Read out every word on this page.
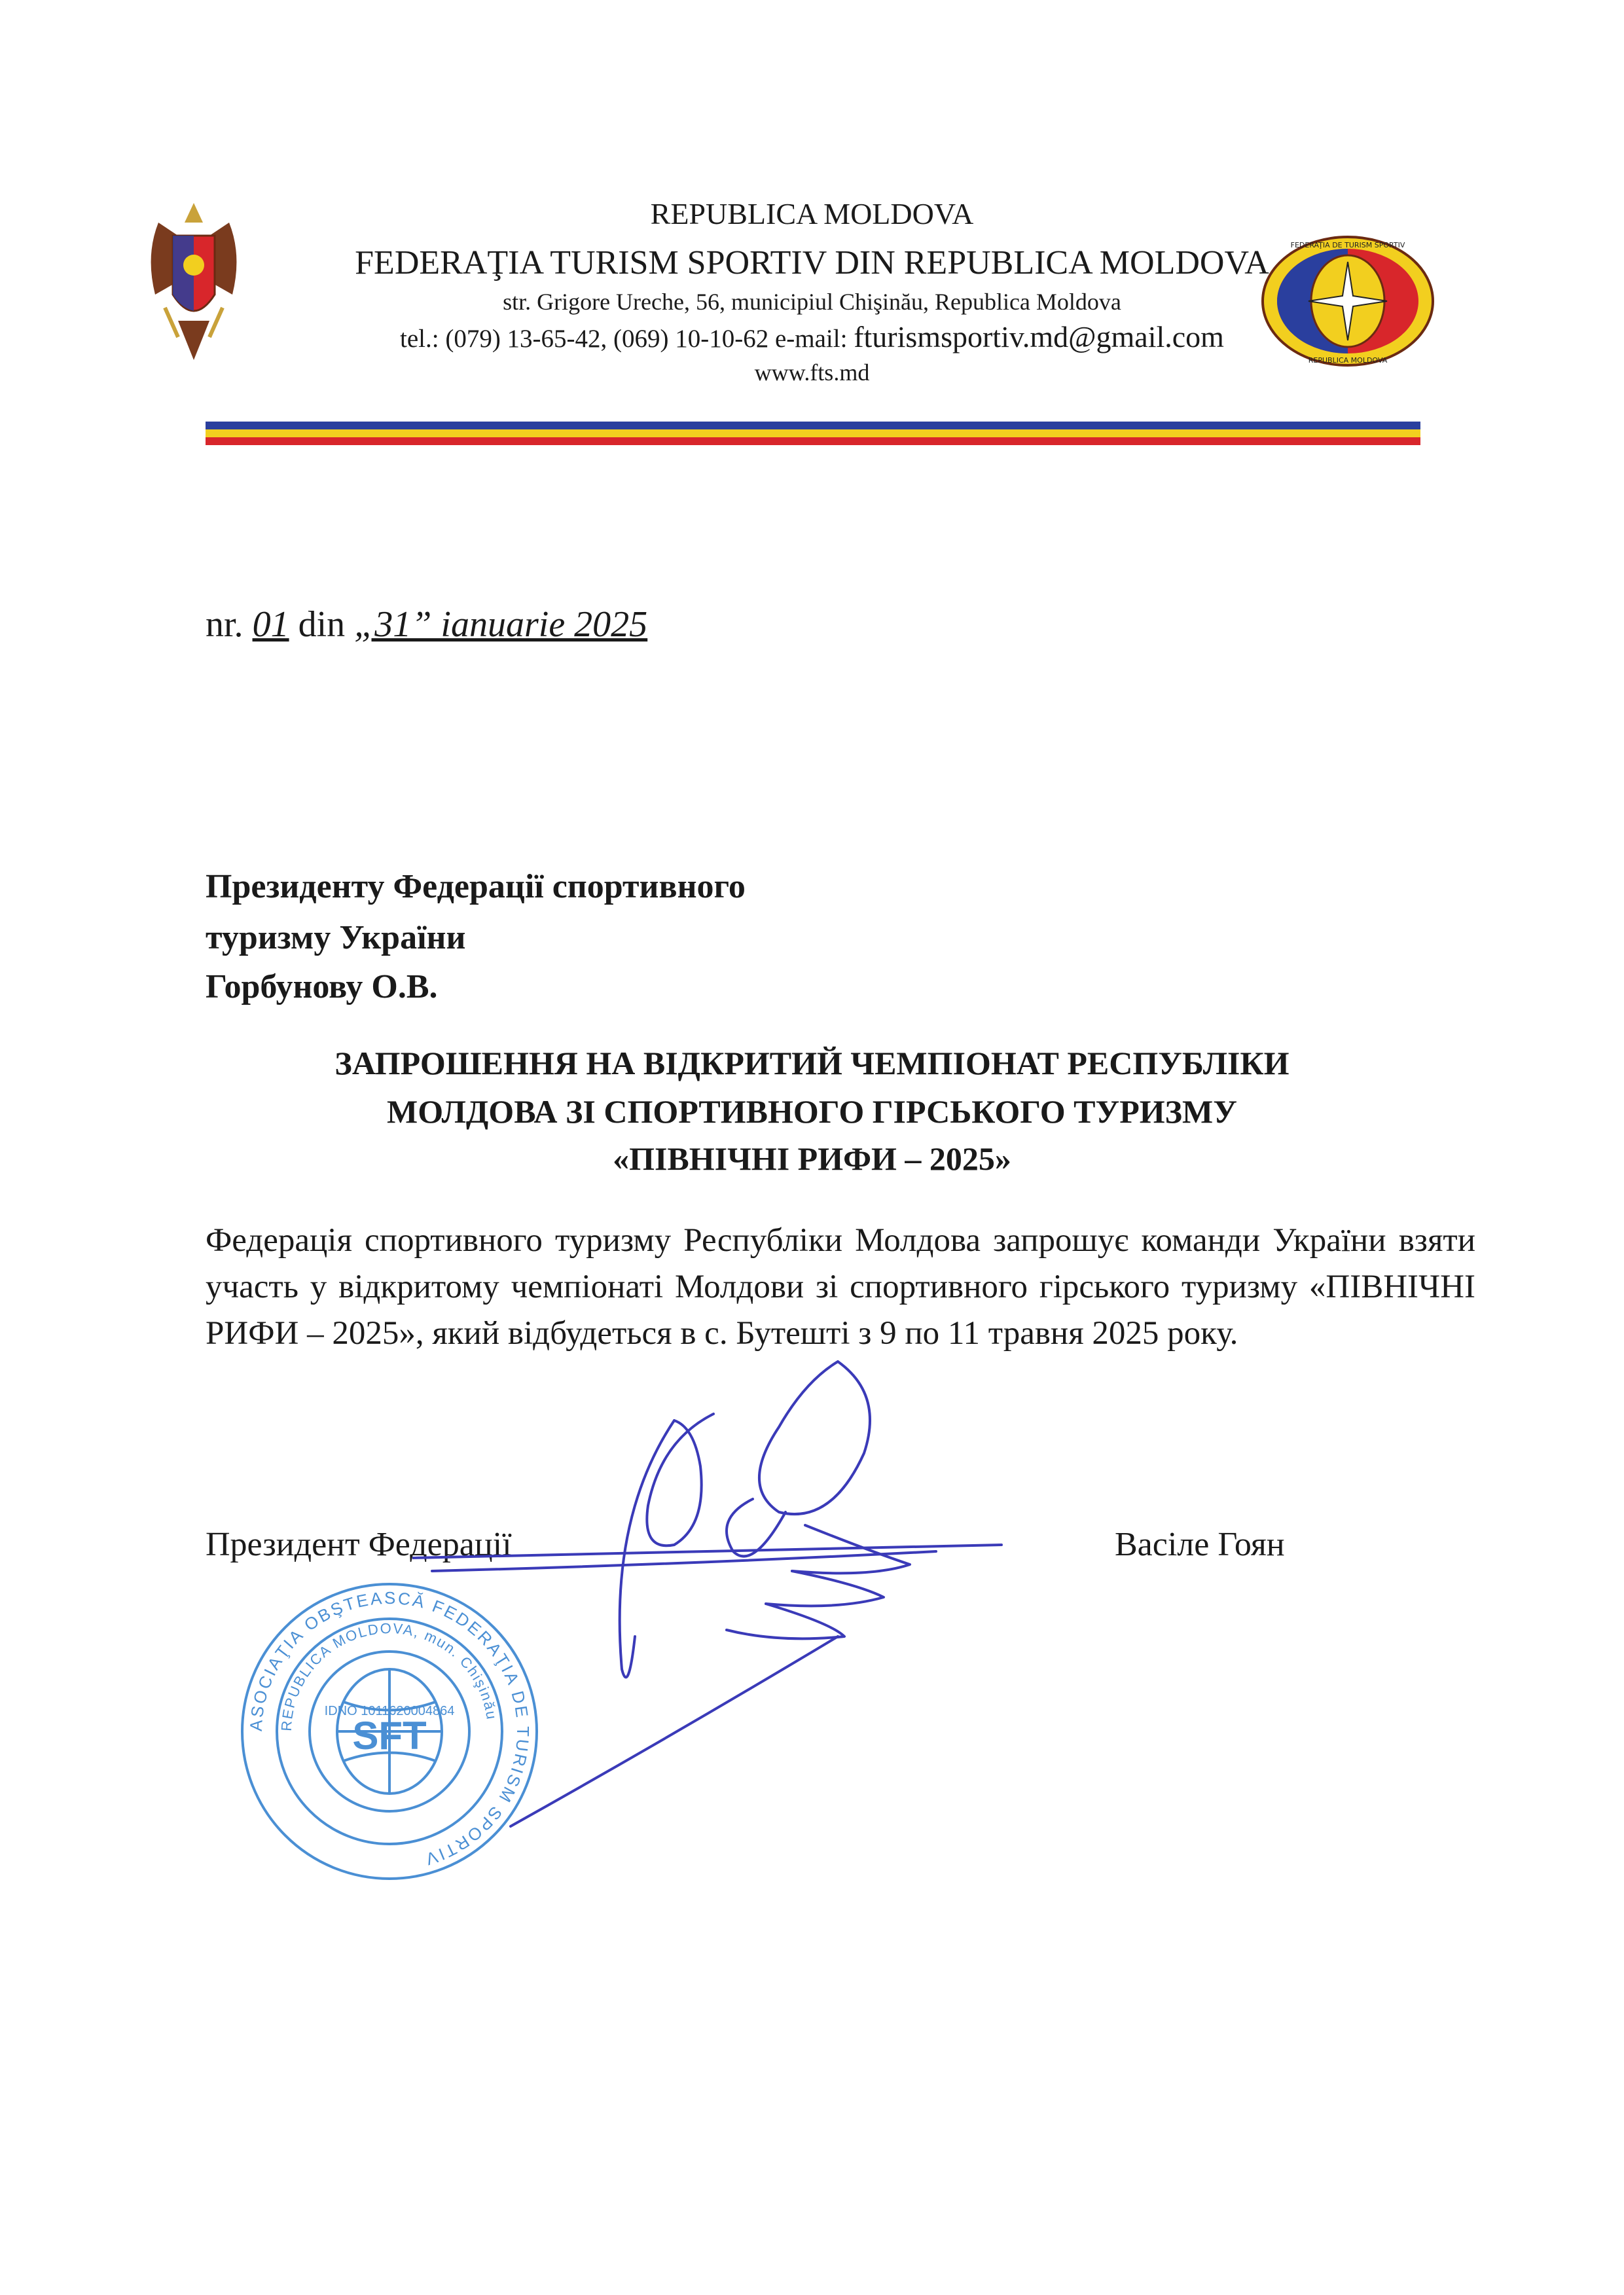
REPUBLICA MOLDOVA
FEDERAŢIA TURISM SPORTIV DIN REPUBLICA MOLDOVA
str. Grigore Ureche, 56, municipiul Chişinău, Republica Moldova
tel.: (079) 13-65-42, (069) 10-10-62 e-mail: fturismsportiv.md@gmail.com
www.fts.md
FEDERAŢIA DE TURISM SPORTIV
REPUBLICA MOLDOVA
nr. 01 din „31” ianuarie 2025
Президенту Федерації спортивного
туризму України
Горбунову О.В.
ЗАПРОШЕННЯ НА ВІДКРИТИЙ ЧЕМПІОНАТ РЕСПУБЛІКИ
МОЛДОВА ЗІ СПОРТИВНОГО ГІРСЬКОГО ТУРИЗМУ
«ПІВНІЧНІ РИФИ – 2025»
Федерація спортивного туризму Республіки Молдова запрошує команди України взяти участь у відкритому чемпіонаті Молдови зі спортивного гірського туризму «ПІВНІЧНІ РИФИ – 2025», який відбудеться в с. Бутешті з 9 по 11 травня 2025 року.
Президент Федерації	Васіле Гоян
ASOCIAŢIA OBŞTEASCĂ FEDERAŢIA DE TURISM SPORTIV
REPUBLICA MOLDOVA, mun. Chişinău
IDNO 1011620004864
SFT
